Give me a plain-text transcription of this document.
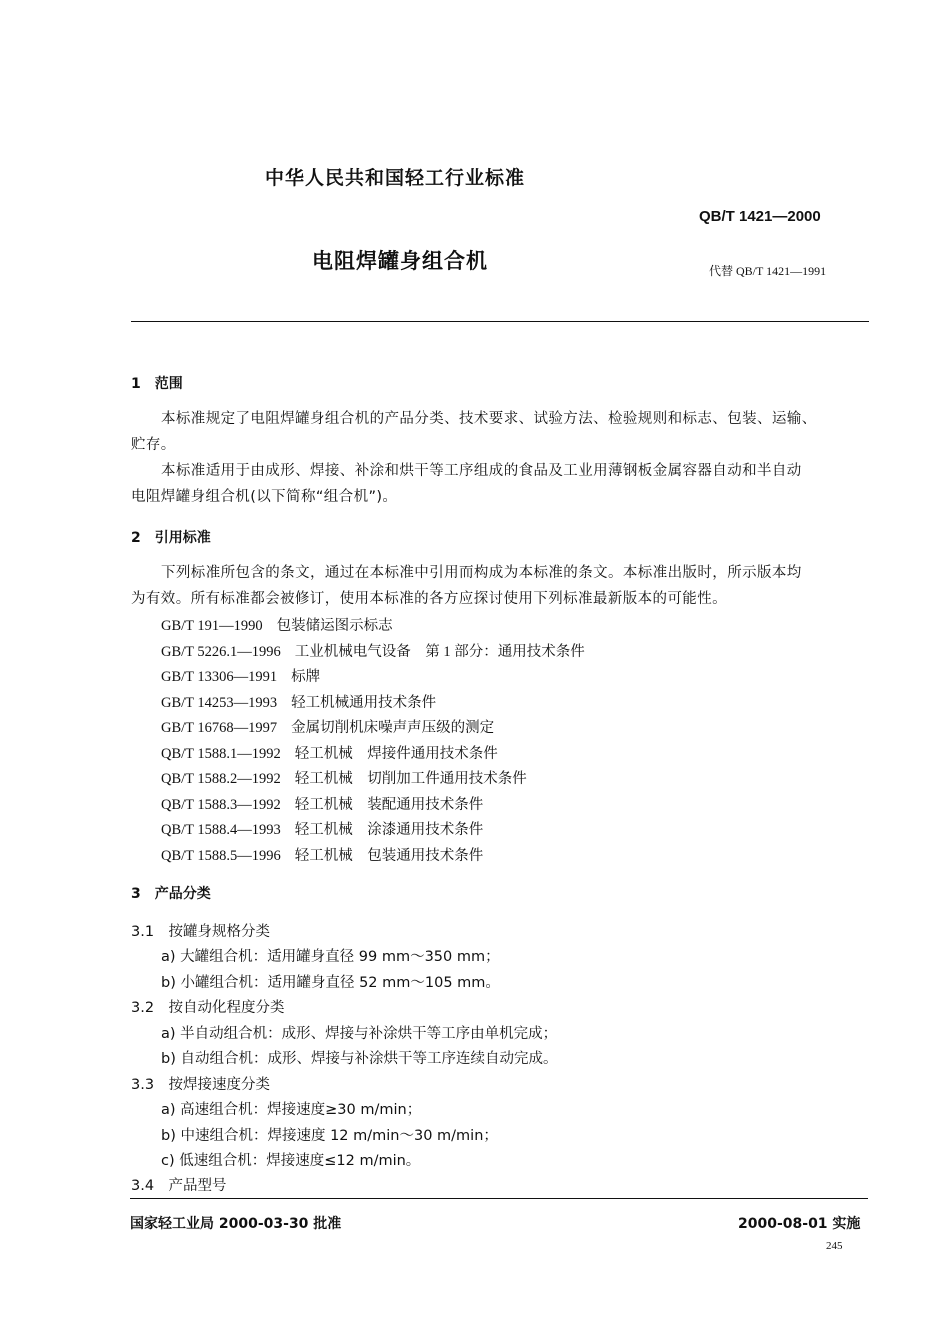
中华人民共和国轻工行业标准
QB/T 1421—2000
电阻焊罐身组合机	代替 QB/T 1421—1991
1　范围
本标准规定了电阻焊罐身组合机的产品分类、技术要求、试验方法、检验规则和标志、包装、运输、
贮存。
本标准适用于由成形、焊接、补涂和烘干等工序组成的食品及工业用薄钢板金属容器自动和半自动
电阻焊罐身组合机(以下简称“组合机”)。
2　引用标准
下列标准所包含的条文，通过在本标准中引用而构成为本标准的条文。本标准出版时，所示版本均
为有效。所有标准都会被修订，使用本标准的各方应探讨使用下列标准最新版本的可能性。
GB/T 191—1990 包装储运图示标志
GB/T 5226.1—1996 工业机械电气设备　第 1 部分：通用技术条件
GB/T 13306—1991 标牌
GB/T 14253—1993 轻工机械通用技术条件
GB/T 16768—1997 金属切削机床噪声声压级的测定
QB/T 1588.1—1992 轻工机械　焊接件通用技术条件
QB/T 1588.2—1992 轻工机械　切削加工件通用技术条件
QB/T 1588.3—1992 轻工机械　装配通用技术条件
QB/T 1588.4—1993 轻工机械　涂漆通用技术条件
QB/T 1588.5—1996 轻工机械　包装通用技术条件
3　产品分类
3.1　按罐身规格分类
a) 大罐组合机：适用罐身直径 99 mm～350 mm；
b) 小罐组合机：适用罐身直径 52 mm～105 mm。
3.2　按自动化程度分类
a) 半自动组合机：成形、焊接与补涂烘干等工序由单机完成；
b) 自动组合机：成形、焊接与补涂烘干等工序连续自动完成。
3.3　按焊接速度分类
a) 高速组合机：焊接速度≥30 m/min；
b) 中速组合机：焊接速度 12 m/min～30 m/min；
c) 低速组合机：焊接速度≤12 m/min。
3.4　产品型号
国家轻工业局 2000-03-30 批准	2000-08-01 实施
245
